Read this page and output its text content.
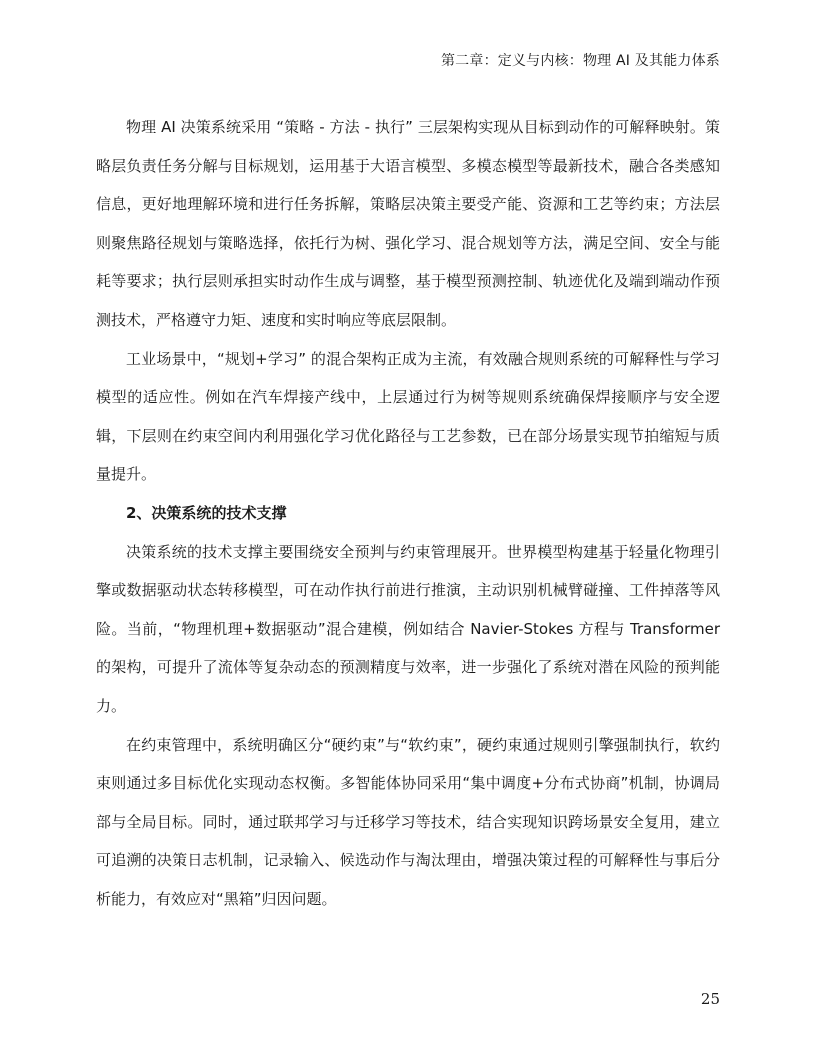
第二章：定义与内核：物理 AI 及其能力体系

物理 AI 决策系统采用 “策略 - 方法 - 执行” 三层架构实现从目标到动作的可解释映射。策略层负责任务分解与目标规划，运用基于大语言模型、多模态模型等最新技术，融合各类感知信息，更好地理解环境和进行任务拆解，策略层决策主要受产能、资源和工艺等约束；方法层则聚焦路径规划与策略选择，依托行为树、强化学习、混合规划等方法，满足空间、安全与能耗等要求；执行层则承担实时动作生成与调整，基于模型预测控制、轨迹优化及端到端动作预测技术，严格遵守力矩、速度和实时响应等底层限制。

工业场景中，“规划+学习” 的混合架构正成为主流，有效融合规则系统的可解释性与学习模型的适应性。例如在汽车焊接产线中，上层通过行为树等规则系统确保焊接顺序与安全逻辑，下层则在约束空间内利用强化学习优化路径与工艺参数，已在部分场景实现节拍缩短与质量提升。

2、决策系统的技术支撑

决策系统的技术支撑主要围绕安全预判与约束管理展开。世界模型构建基于轻量化物理引擎或数据驱动状态转移模型，可在动作执行前进行推演，主动识别机械臂碰撞、工件掉落等风险。当前，“物理机理+数据驱动”混合建模，例如结合 Navier-Stokes 方程与 Transformer 的架构，可提升了流体等复杂动态的预测精度与效率，进一步强化了系统对潜在风险的预判能力。

在约束管理中，系统明确区分“硬约束”与“软约束”，硬约束通过规则引擎强制执行，软约束则通过多目标优化实现动态权衡。多智能体协同采用“集中调度+分布式协商”机制，协调局部与全局目标。同时，通过联邦学习与迁移学习等技术，结合实现知识跨场景安全复用，建立可追溯的决策日志机制，记录输入、候选动作与淘汰理由，增强决策过程的可解释性与事后分析能力，有效应对“黑箱”归因问题。

25
